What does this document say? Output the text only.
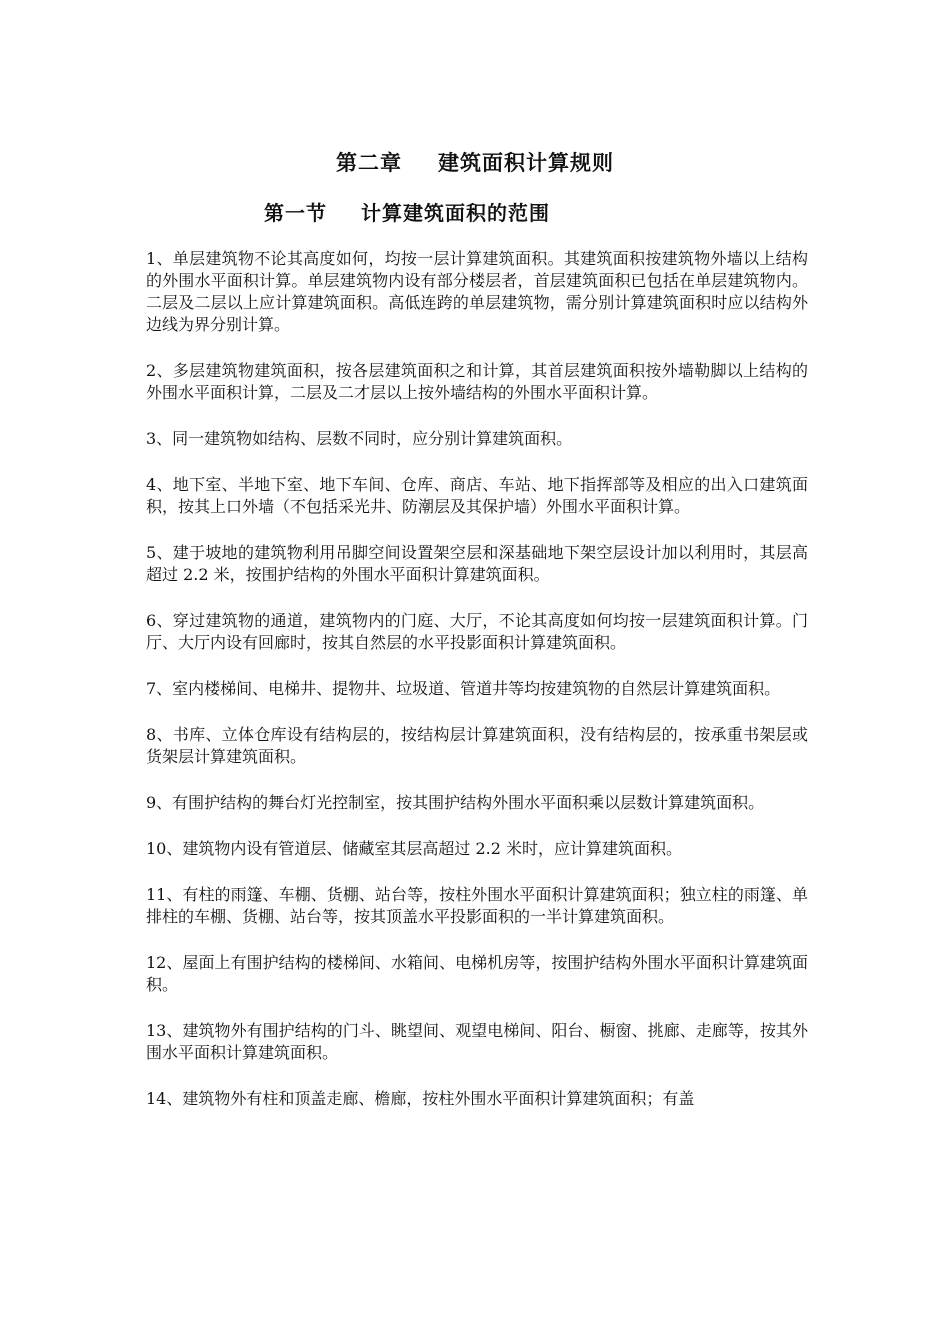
第二章 建筑面积计算规则
第一节 计算建筑面积的范围

1、单层建筑物不论其高度如何，均按一层计算建筑面积。其建筑面积按建筑物外墙以上结构的外围水平面积计算。单层建筑物内设有部分楼层者，首层建筑面积已包括在单层建筑物内。二层及二层以上应计算建筑面积。高低连跨的单层建筑物，需分别计算建筑面积时应以结构外边线为界分别计算。

2、多层建筑物建筑面积，按各层建筑面积之和计算，其首层建筑面积按外墙勒脚以上结构的外围水平面积计算，二层及二才层以上按外墙结构的外围水平面积计算。

3、同一建筑物如结构、层数不同时，应分别计算建筑面积。

4、地下室、半地下室、地下车间、仓库、商店、车站、地下指挥部等及相应的出入口建筑面积，按其上口外墙（不包括采光井、防潮层及其保护墙）外围水平面积计算。

5、建于坡地的建筑物利用吊脚空间设置架空层和深基础地下架空层设计加以利用时，其层高超过 2.2 米，按围护结构的外围水平面积计算建筑面积。

6、穿过建筑物的通道，建筑物内的门庭、大厅，不论其高度如何均按一层建筑面积计算。门厅、大厅内设有回廊时，按其自然层的水平投影面积计算建筑面积。

7、室内楼梯间、电梯井、提物井、垃圾道、管道井等均按建筑物的自然层计算建筑面积。

8、书库、立体仓库设有结构层的，按结构层计算建筑面积，没有结构层的，按承重书架层或货架层计算建筑面积。

9、有围护结构的舞台灯光控制室，按其围护结构外围水平面积乘以层数计算建筑面积。

10、建筑物内设有管道层、储藏室其层高超过 2.2 米时，应计算建筑面积。

11、有柱的雨篷、车棚、货棚、站台等，按柱外围水平面积计算建筑面积；独立柱的雨篷、单排柱的车棚、货棚、站台等，按其顶盖水平投影面积的一半计算建筑面积。

12、屋面上有围护结构的楼梯间、水箱间、电梯机房等，按围护结构外围水平面积计算建筑面积。

13、建筑物外有围护结构的门斗、眺望间、观望电梯间、阳台、橱窗、挑廊、走廊等，按其外围水平面积计算建筑面积。

14、建筑物外有柱和顶盖走廊、檐廊，按柱外围水平面积计算建筑面积；有盖
